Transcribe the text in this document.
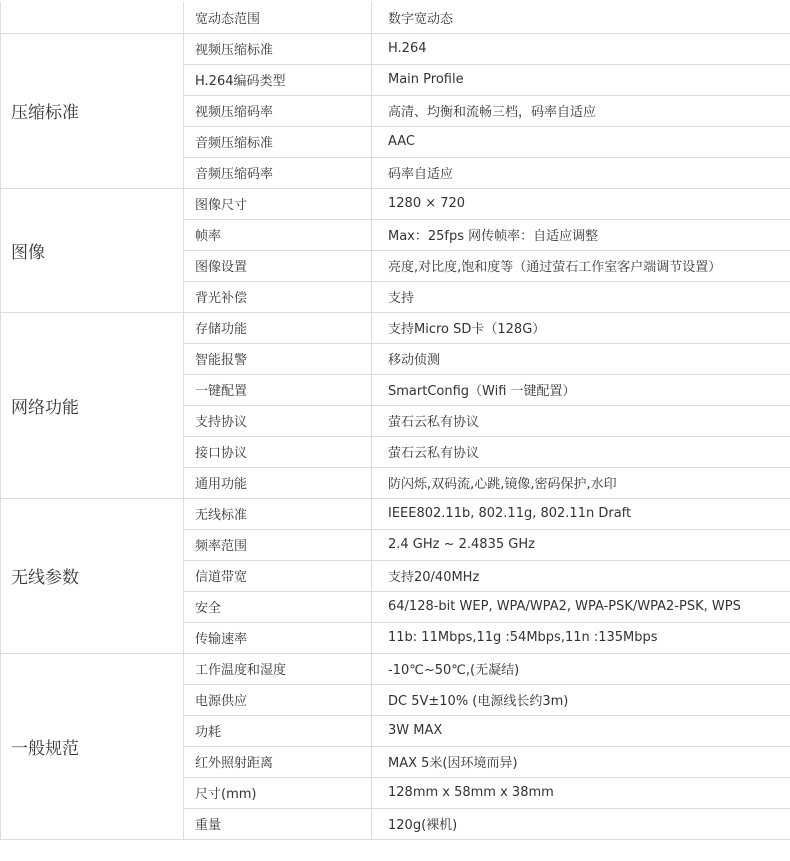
	宽动态范围	数字宽动态
压缩标准	视频压缩标准	H.264
	H.264编码类型	Main Profile
	视频压缩码率	高清、均衡和流畅三档，码率自适应
	音频压缩标准	AAC
	音频压缩码率	码率自适应
图像	图像尺寸	1280 × 720
	帧率	Max：25fps 网传帧率：自适应调整
	图像设置	亮度,对比度,饱和度等（通过萤石工作室客户端调节设置）
	背光补偿	支持
网络功能	存储功能	支持Micro SD卡（128G）
	智能报警	移动侦测
	一键配置	SmartConfig（Wifi 一键配置）
	支持协议	萤石云私有协议
	接口协议	萤石云私有协议
	通用功能	防闪烁,双码流,心跳,镜像,密码保护,水印
无线参数	无线标准	IEEE802.11b, 802.11g, 802.11n Draft
	频率范围	2.4 GHz ~ 2.4835 GHz
	信道带宽	支持20/40MHz
	安全	64/128-bit WEP, WPA/WPA2, WPA-PSK/WPA2-PSK, WPS
	传输速率	11b: 11Mbps,11g :54Mbps,11n :135Mbps
一般规范	工作温度和湿度	-10℃~50℃,(无凝结)
	电源供应	DC 5V±10% (电源线长约3m)
	功耗	3W MAX
	红外照射距离	MAX 5米(因环境而异)
	尺寸(mm)	128mm x 58mm x 38mm
	重量	120g(裸机)
